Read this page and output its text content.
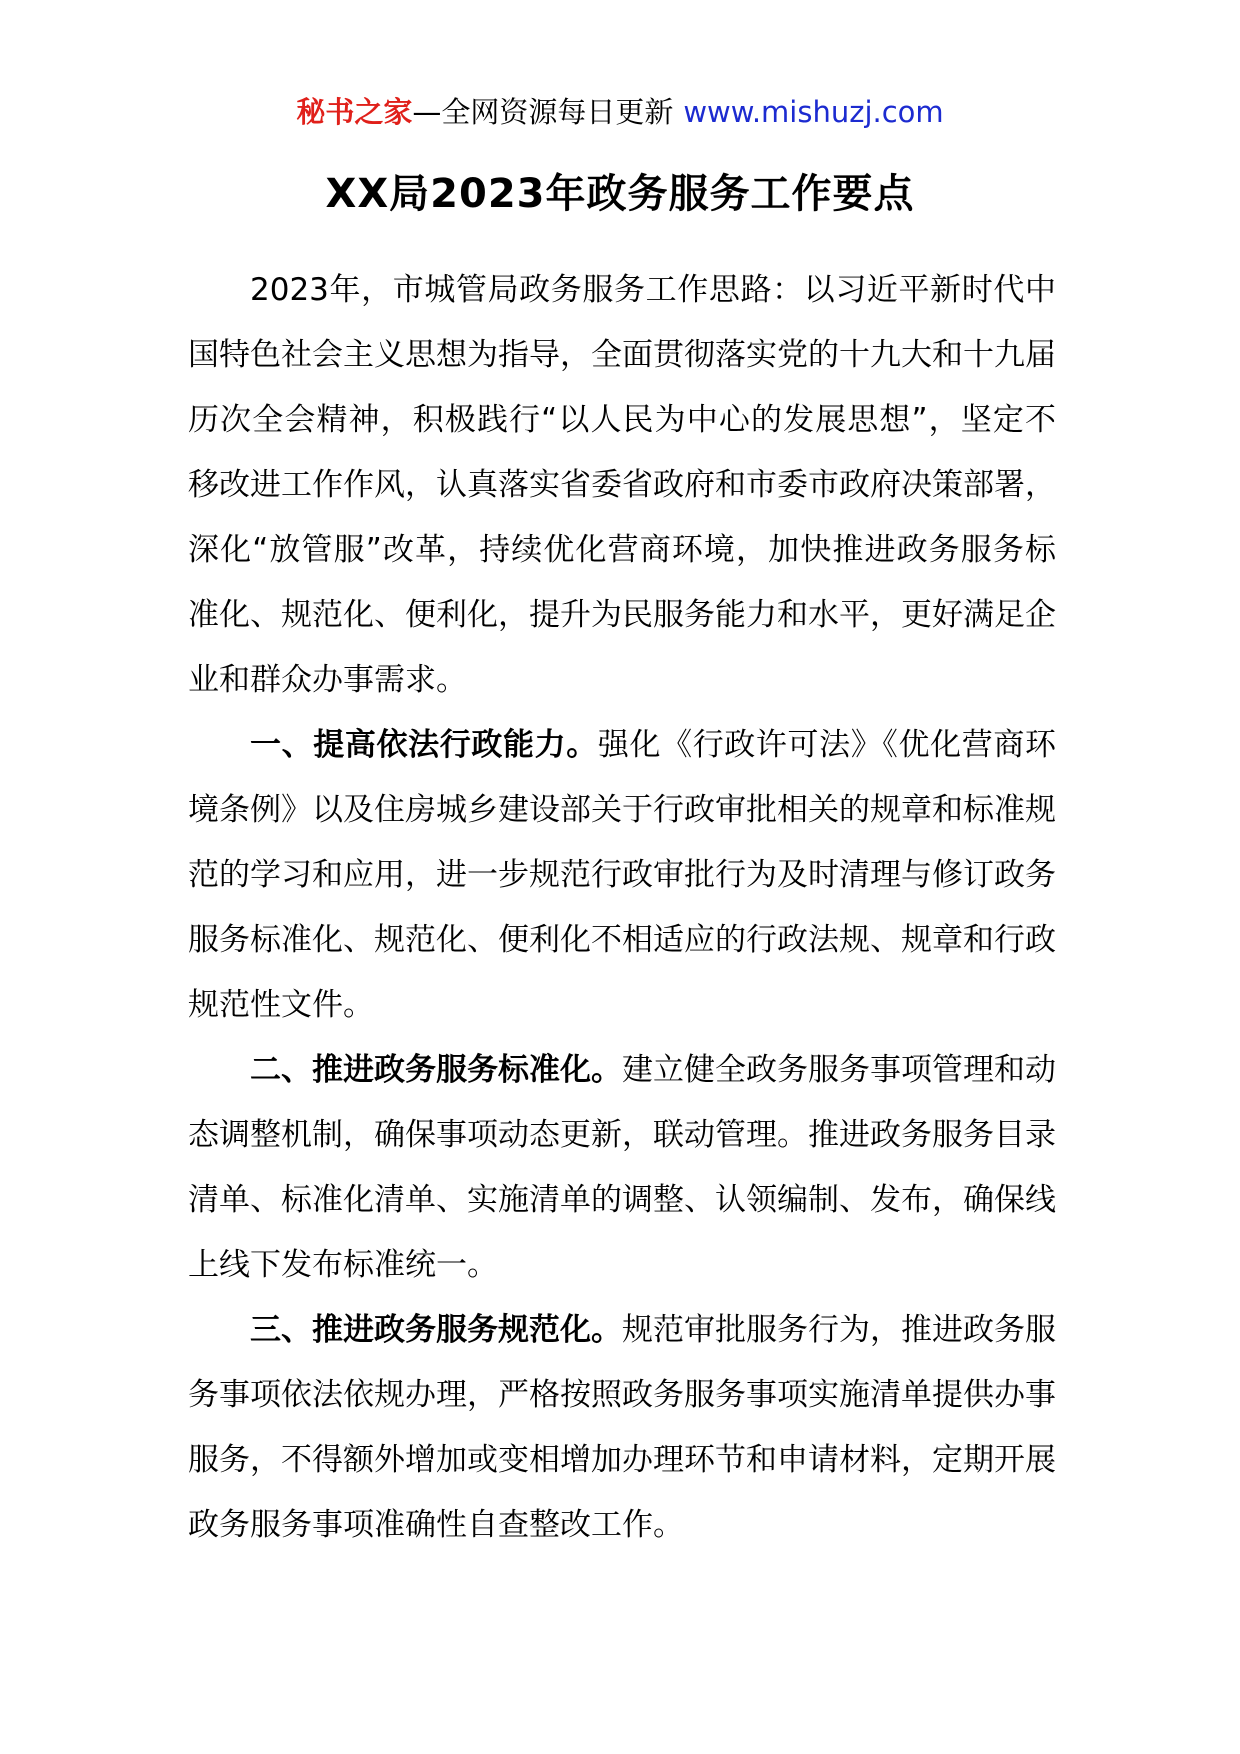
秘书之家—全网资源每日更新 www.mishuzj.com
XX局2023年政务服务工作要点

2023年，市城管局政务服务工作思路：以习近平新时代中国特色社会主义思想为指导，全面贯彻落实党的十九大和十九届历次全会精神，积极践行“以人民为中心的发展思想”，坚定不移改进工作作风，认真落实省委省政府和市委市政府决策部署，深化“放管服”改革，持续优化营商环境，加快推进政务服务标准化、规范化、便利化，提升为民服务能力和水平，更好满足企业和群众办事需求。

一、提高依法行政能力。强化《行政许可法》《优化营商环境条例》以及住房城乡建设部关于行政审批相关的规章和标准规范的学习和应用，进一步规范行政审批行为及时清理与修订政务服务标准化、规范化、便利化不相适应的行政法规、规章和行政规范性文件。

二、推进政务服务标准化。建立健全政务服务事项管理和动态调整机制，确保事项动态更新，联动管理。推进政务服务目录清单、标准化清单、实施清单的调整、认领编制、发布，确保线上线下发布标准统一。

三、推进政务服务规范化。规范审批服务行为，推进政务服务事项依法依规办理，严格按照政务服务事项实施清单提供办事服务，不得额外增加或变相增加办理环节和申请材料，定期开展政务服务事项准确性自查整改工作。
